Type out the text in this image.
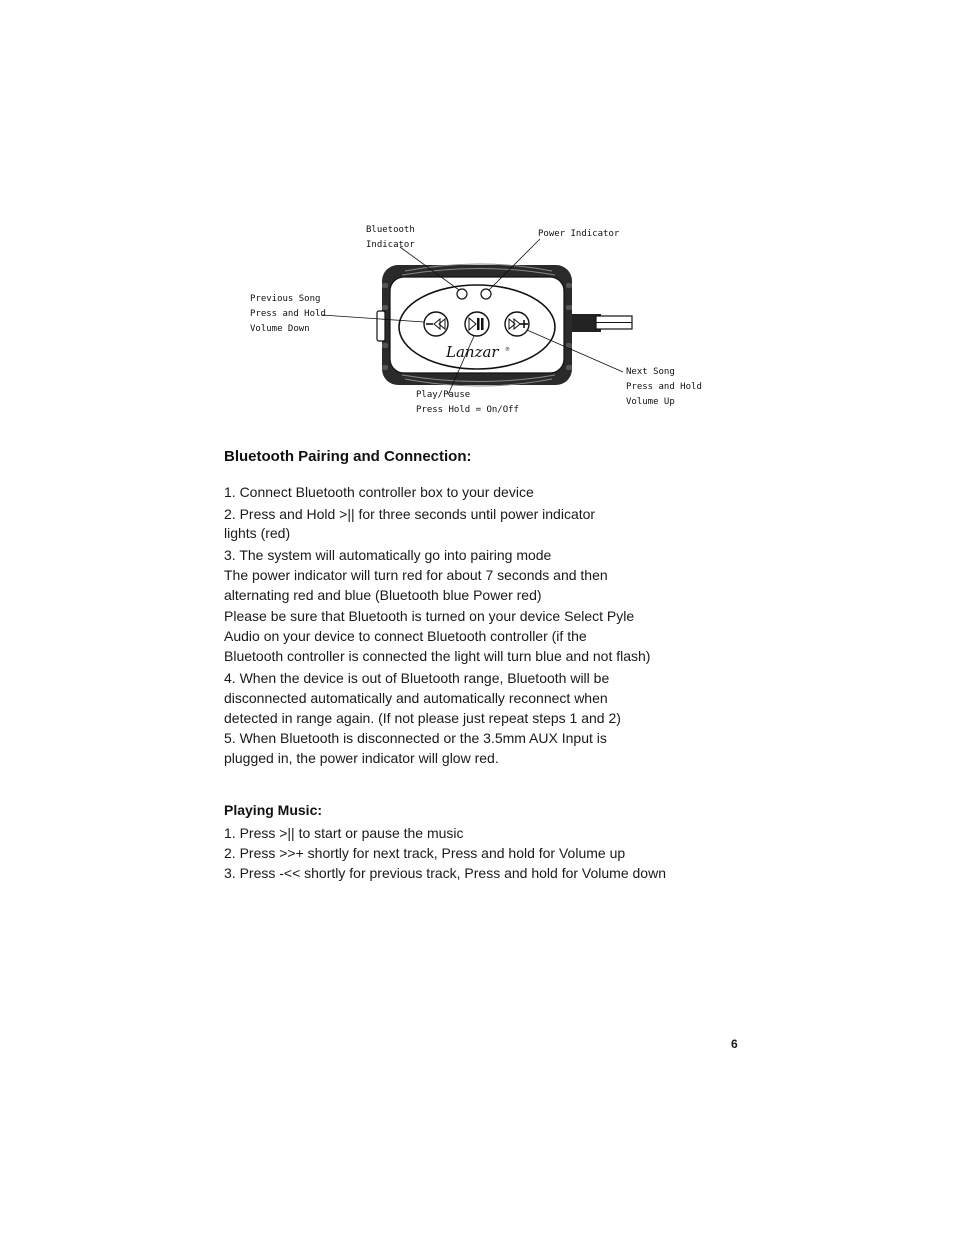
Lanzar ®
Bluetooth
Indicator
Power Indicator
Previous Song
Press and Hold
Volume Down
Next Song
Press and Hold
Volume Up
Play/Pause
Press Hold = On/Off
Bluetooth Pairing and Connection:
1. Connect Bluetooth controller box to your device
2. Press and Hold >|| for three seconds until power indicator
lights (red)
3. The system will automatically go into pairing mode
The power indicator will turn red for about 7 seconds and then
alternating red and blue (Bluetooth blue Power red)
Please be sure that Bluetooth is turned on your device Select Pyle
Audio on your device to connect Bluetooth controller (if the
Bluetooth controller is connected the light will turn blue and not flash)
4. When the device is out of Bluetooth range, Bluetooth will be
disconnected automatically and automatically reconnect when
detected in range again. (If not please just repeat steps 1 and 2)
5. When Bluetooth is disconnected or the 3.5mm AUX Input is
plugged in, the power indicator will glow red.
Playing Music:
1. Press >|| to start or pause the music
2. Press >>+ shortly for next track, Press and hold for Volume up
3. Press -<< shortly for previous track, Press and hold for Volume down
6
